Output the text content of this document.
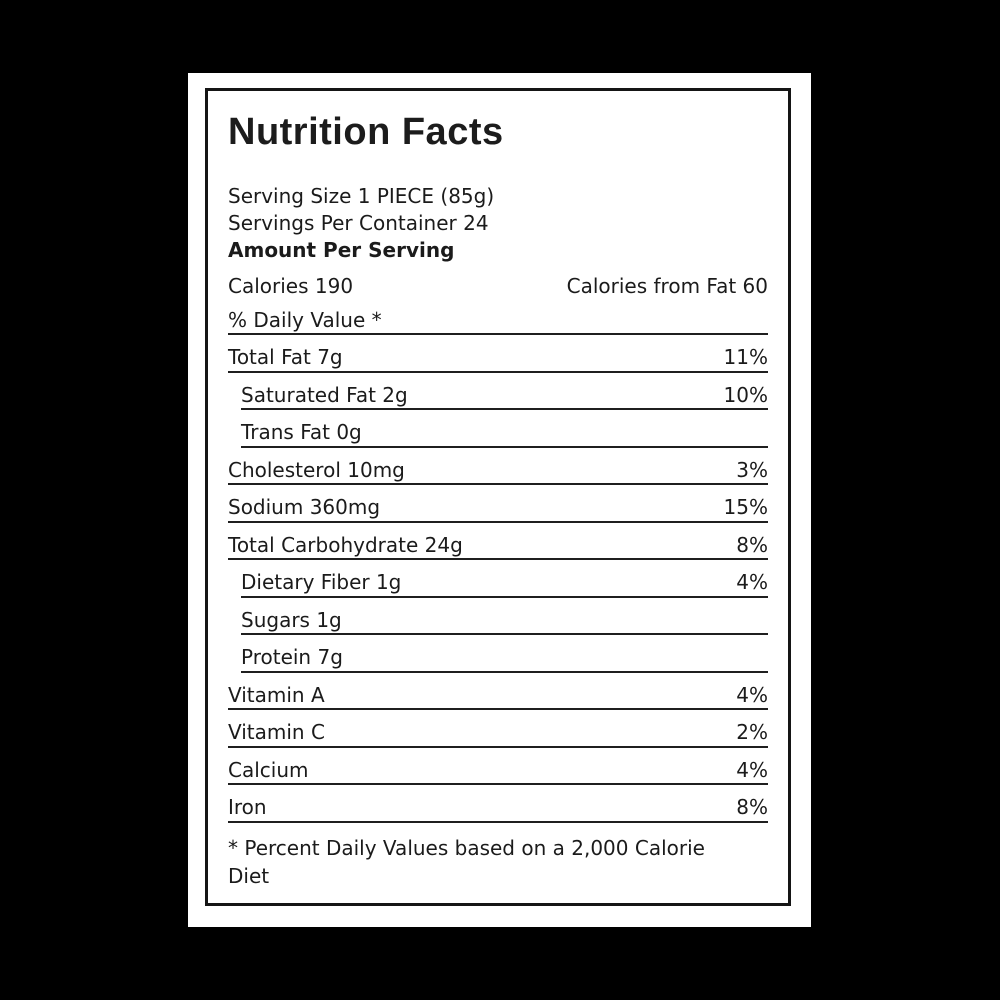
Nutrition Facts
Serving Size 1 PIECE (85g)
Servings Per Container 24
Amount Per Serving
Calories 190	Calories from Fat 60
% Daily Value *
Total Fat 7g	11%
Saturated Fat 2g	10%
Trans Fat 0g
Cholesterol 10mg	3%
Sodium 360mg	15%
Total Carbohydrate 24g	8%
Dietary Fiber 1g	4%
Sugars 1g
Protein 7g
Vitamin A	4%
Vitamin C	2%
Calcium	4%
Iron	8%
* Percent Daily Values based on a 2,000 Calorie Diet
